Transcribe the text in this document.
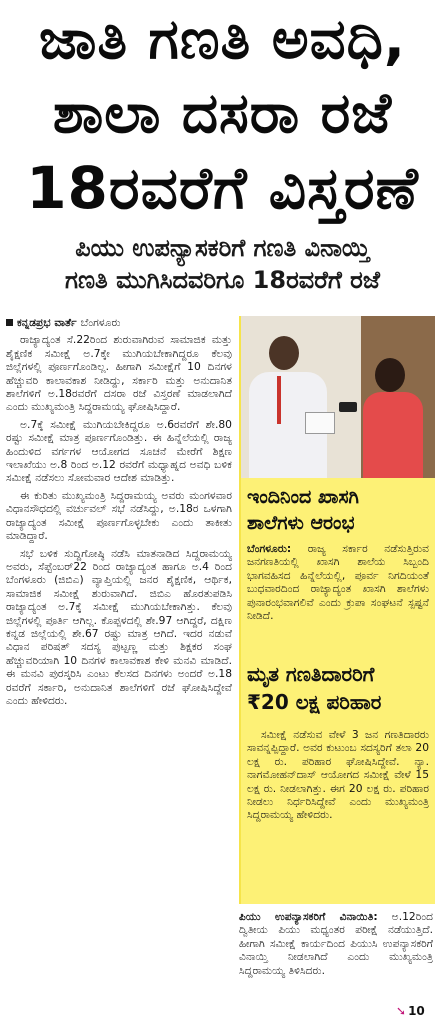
ಜಾತಿ ಗಣತಿ ಅವಧಿ,
ಶಾಲಾ ದಸರಾ ರಜೆ
18ರವರೆಗೆ ವಿಸ್ತರಣೆ
ಪಿಯು ಉಪನ್ಯಾಸಕರಿಗೆ ಗಣತಿ ವಿನಾಯ್ತಿ
ಗಣತಿ ಮುಗಿಸಿದವರಿಗೂ 18ರವರೆಗೆ ರಜೆ
ಕನ್ನಡಪ್ರಭ ವಾರ್ತೆ ಬೆಂಗಳೂರು

ರಾಜ್ಯಾದ್ಯಂತ ಸೆ.22ರಿಂದ ಶುರುವಾಗಿರುವ ಸಾಮಾಜಿಕ ಮತ್ತು ಶೈಕ್ಷಣಿಕ ಸಮೀಕ್ಷೆ ಅ.7ಕ್ಕೇ ಮುಗಿಯಬೇಕಾಗಿದ್ದರೂ ಕೆಲವು ಜಿಲ್ಲೆಗಳಲ್ಲಿ ಪೂರ್ಣಗೊಂಡಿಲ್ಲ. ಹೀಗಾಗಿ ಸಮೀಕ್ಷೆಗೆ 10 ದಿನಗಳ ಹೆಚ್ಚುವರಿ ಕಾಲಾವಕಾಶ ನೀಡಿದ್ದು, ಸರ್ಕಾರಿ ಮತ್ತು ಅನುದಾನಿತ ಶಾಲೆಗಳಿಗೆ ಅ.18ರವರೆಗೆ ದಸರಾ ರಜೆ ವಿಸ್ತರಣೆ ಮಾಡಲಾಗಿದೆ ಎಂದು ಮುಖ್ಯಮಂತ್ರಿ ಸಿದ್ದರಾಮಯ್ಯ ಘೋಷಿಸಿದ್ದಾರೆ.

ಅ.7ಕ್ಕೆ ಸಮೀಕ್ಷೆ ಮುಗಿಯಬೇಕಿದ್ದರೂ ಅ.6ರವರೆಗೆ ಶೇ.80 ರಷ್ಟು ಸಮೀಕ್ಷೆ ಮಾತ್ರ ಪೂರ್ಣಗೊಂಡಿತ್ತು. ಈ ಹಿನ್ನೆಲೆಯಲ್ಲಿ ರಾಜ್ಯ ಹಿಂದುಳಿದ ವರ್ಗಗಳ ಆಯೋಗದ ಸೂಚನೆ ಮೇರೆಗೆ ಶಿಕ್ಷಣ ಇಲಾಖೆಯು ಅ.8 ರಿಂದ ಅ.12 ರವರೆಗೆ ಮಧ್ಯಾಹ್ನದ ಅವಧಿ ಬಳಿಕ ಸಮೀಕ್ಷೆ ನಡೆಸಲು ಸೋಮವಾರ ಆದೇಶ ಮಾಡಿತ್ತು.

ಈ ಕುರಿತು ಮುಖ್ಯಮಂತ್ರಿ ಸಿದ್ದರಾಮಯ್ಯ ಅವರು ಮಂಗಳವಾರ ವಿಧಾನಸೌಧದಲ್ಲಿ ವರ್ಚುವಲ್ ಸಭೆ ನಡೆಸಿದ್ದು, ಅ.18ರ ಒಳಗಾಗಿ ರಾಜ್ಯಾದ್ಯಂತ ಸಮೀಕ್ಷೆ ಪೂರ್ಣಗೊಳ್ಳಬೇಕು ಎಂದು ತಾಕೀತು ಮಾಡಿದ್ದಾರೆ.

ಸಭೆ ಬಳಿಕ ಸುದ್ದಿಗೋಷ್ಠಿ ನಡೆಸಿ ಮಾತನಾಡಿದ ಸಿದ್ದರಾಮಯ್ಯ ಅವರು, ಸೆಪ್ಟೆಂಬರ್22 ರಿಂದ ರಾಜ್ಯಾದ್ಯಂತ ಹಾಗೂ ಅ.4 ರಿಂದ ಬೆಂಗಳೂರು (ಜಿಬಿಎ) ವ್ಯಾಪ್ತಿಯಲ್ಲಿ ಜನರ ಶೈಕ್ಷಣಿಕ, ಆರ್ಥಿಕ, ಸಾಮಾಜಿಕ ಸಮೀಕ್ಷೆ ಶುರುವಾಗಿದೆ. ಜಿಬಿಎ ಹೊರತುಪಡಿಸಿ ರಾಜ್ಯಾದ್ಯಂತ ಅ.7ಕ್ಕೆ ಸಮೀಕ್ಷೆ ಮುಗಿಯಬೇಕಾಗಿತ್ತು. ಕೆಲವು ಜಿಲ್ಲೆಗಳಲ್ಲಿ ಪೂರ್ತಿ ಆಗಿಲ್ಲ. ಕೊಪ್ಪಳದಲ್ಲಿ ಶೇ.97 ಆಗಿದ್ದರೆ, ದಕ್ಷಿಣ ಕನ್ನಡ ಜಿಲ್ಲೆಯಲ್ಲಿ ಶೇ.67 ರಷ್ಟು ಮಾತ್ರ ಆಗಿದೆ. ಇದರ ನಡುವೆ ವಿಧಾನ ಪರಿಷತ್ ಸದಸ್ಯ ಪುಟ್ಟಣ್ಣ ಮತ್ತು ಶಿಕ್ಷಕರ ಸಂಘ ಹೆಚ್ಚುವರಿಯಾಗಿ 10 ದಿನಗಳ ಕಾಲಾವಕಾಶ ಕೇಳಿ ಮನವಿ ಮಾಡಿದೆ. ಈ ಮನವಿ ಪುರಸ್ಕರಿಸಿ ಎಂಟು ಕೆಲಸದ ದಿನಗಳು ಅಂದರೆ ಅ.18 ರವರೆಗೆ ಸರ್ಕಾರಿ, ಅನುದಾನಿತ ಶಾಲೆಗಳಿಗೆ ರಜೆ ಘೋಷಿಸಿದ್ದೇವೆ ಎಂದು ಹೇಳಿದರು.

ಇಂದಿನಿಂದ ಖಾಸಗಿ
ಶಾಲೆಗಳು ಆರಂಭ
ಬೆಂಗಳೂರು: ರಾಜ್ಯ ಸರ್ಕಾರ ನಡೆಸುತ್ತಿರುವ ಜನಗಣತಿಯಲ್ಲಿ ಖಾಸಗಿ ಶಾಲೆಯ ಸಿಬ್ಬಂದಿ ಭಾಗವಹಿಸದ ಹಿನ್ನೆಲೆಯಲ್ಲಿ, ಪೂರ್ವ ನಿಗದಿಯಂತೆ ಬುಧವಾರದಿಂದ ರಾಜ್ಯಾದ್ಯಂತ ಖಾಸಗಿ ಶಾಲೆಗಳು ಪುನಾರಂಭವಾಗಲಿವೆ ಎಂದು ಕ್ರುಪಾ ಸಂಘಟನೆ ಸ್ಪಷ್ಟನೆ ನೀಡಿದೆ.
ಮೃತ ಗಣತಿದಾರರಿಗೆ
₹20 ಲಕ್ಷ ಪರಿಹಾರ
ಸಮೀಕ್ಷೆ ನಡೆಸುವ ವೇಳೆ 3 ಜನ ಗಣತಿದಾರರು ಸಾವನ್ನಪ್ಪಿದ್ದಾರೆ. ಅವರ ಕುಟುಂಬ ಸದಸ್ಯರಿಗೆ ತಲಾ 20 ಲಕ್ಷ ರು. ಪರಿಹಾರ ಘೋಷಿಸಿದ್ದೇವೆ. ನ್ಯಾ. ನಾಗಮೋಹನ್‌ದಾಸ್ ಆಯೋಗದ ಸಮೀಕ್ಷೆ ವೇಳೆ 15 ಲಕ್ಷ ರು. ನೀಡಲಾಗಿತ್ತು. ಈಗ 20 ಲಕ್ಷ ರು. ಪರಿಹಾರ ನೀಡಲು ನಿರ್ಧರಿಸಿದ್ದೇವೆ ಎಂದು ಮುಖ್ಯಮಂತ್ರಿ ಸಿದ್ದರಾಮಯ್ಯ ಹೇಳಿದರು.
ಪಿಯು ಉಪನ್ಯಾಸಕರಿಗೆ ವಿನಾಯಿತಿ: ಅ.12ರಿಂದ ದ್ವಿತೀಯ ಪಿಯು ಮಧ್ಯಂತರ ಪರೀಕ್ಷೆ ನಡೆಯುತ್ತಿದೆ. ಹೀಗಾಗಿ ಸಮೀಕ್ಷೆ ಕಾರ್ಯದಿಂದ ಪಿಯುಸಿ ಉಪನ್ಯಾಸಕರಿಗೆ ವಿನಾಯ್ತಿ ನೀಡಲಾಗಿದೆ ಎಂದು ಮುಖ್ಯಮಂತ್ರಿ ಸಿದ್ದರಾಮಯ್ಯ ತಿಳಿಸಿದರು.
➘ 10
